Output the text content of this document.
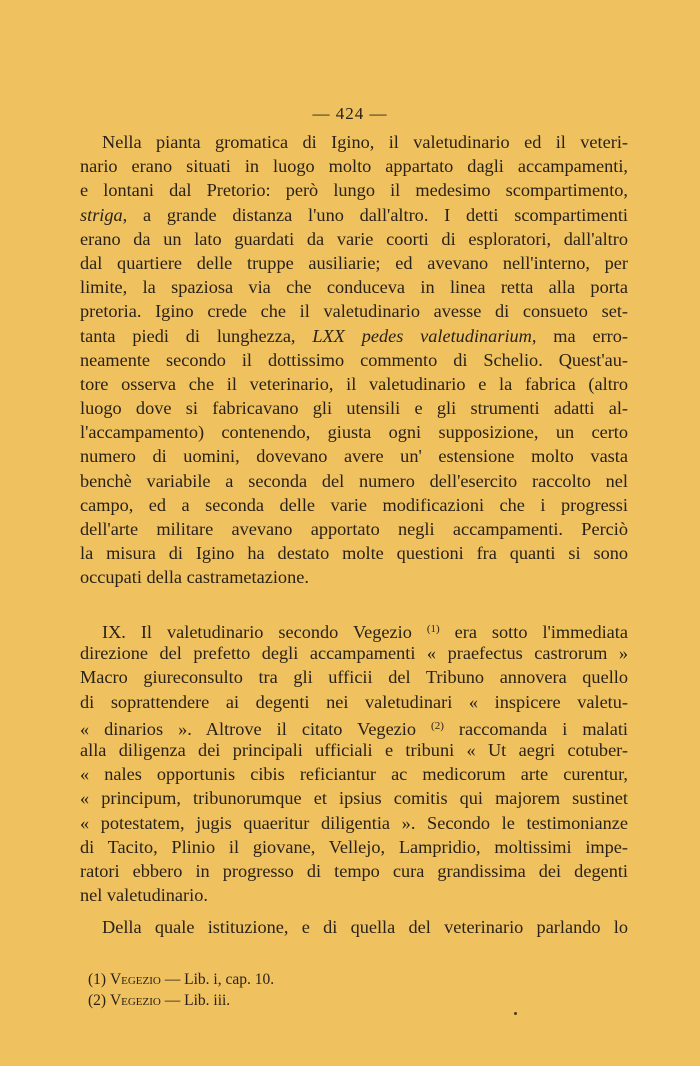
— 424 —
Nella pianta gromatica di Igino, il valetudinario ed il veteri-
nario erano situati in luogo molto appartato dagli accampamenti,
e lontani dal Pretorio: però lungo il medesimo scompartimento,
striga, a grande distanza l'uno dall'altro. I detti scompartimenti
erano da un lato guardati da varie coorti di esploratori, dall'altro
dal quartiere delle truppe ausiliarie; ed avevano nell'interno, per
limite, la spaziosa via che conduceva in linea retta alla porta
pretoria. Igino crede che il valetudinario avesse di consueto set-
tanta piedi di lunghezza, LXX pedes valetudinarium, ma erro-
neamente secondo il dottissimo commento di Schelio. Quest'au-
tore osserva che il veterinario, il valetudinario e la fabrica (altro
luogo dove si fabricavano gli utensili e gli strumenti adatti al-
l'accampamento) contenendo, giusta ogni supposizione, un certo
numero di uomini, dovevano avere un' estensione molto vasta
benchè variabile a seconda del numero dell'esercito raccolto nel
campo, ed a seconda delle varie modificazioni che i progressi
dell'arte militare avevano apportato negli accampamenti. Perciò
la misura di Igino ha destato molte questioni fra quanti si sono
occupati della castrametazione.
IX. Il valetudinario secondo Vegezio $^{(1)}$ era sotto l'immediata
direzione del prefetto degli accampamenti « praefectus castrorum »
Macro giureconsulto tra gli ufficii del Tribuno annovera quello
di soprattendere ai degenti nei valetudinari « inspicere valetu-
« dinarios ». Altrove il citato Vegezio $^{(2)}$ raccomanda i malati
alla diligenza dei principali ufficiali e tribuni « Ut aegri cotuber-
« nales opportunis cibis reficiantur ac medicorum arte curentur,
« principum, tribunorumque et ipsius comitis qui majorem sustinet
« potestatem, jugis quaeritur diligentia ». Secondo le testimonianze
di Tacito, Plinio il giovane, Vellejo, Lampridio, moltissimi impe-
ratori ebbero in progresso di tempo cura grandissima dei degenti
nel valetudinario.
Della quale istituzione, e di quella del veterinario parlando lo
(1) Vegezio — Lib. i, cap. 10.
(2) Vegezio — Lib. iii.
